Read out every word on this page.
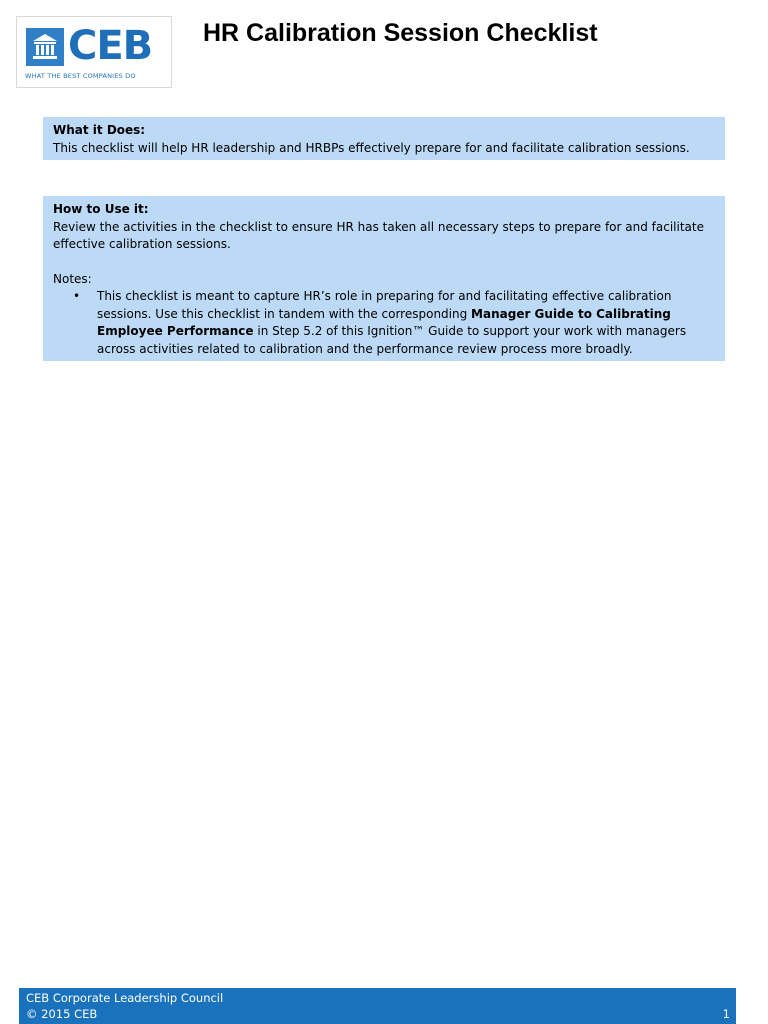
CEB
WHAT THE BEST COMPANIES DO
HR Calibration Session Checklist
What it Does:
This checklist will help HR leadership and HRBPs effectively prepare for and facilitate calibration sessions.
How to Use it:
Review the activities in the checklist to ensure HR has taken all necessary steps to prepare for and facilitate effective calibration sessions.
Notes:
•	This checklist is meant to capture HR’s role in preparing for and facilitating effective calibration sessions. Use this checklist in tandem with the corresponding Manager Guide to Calibrating Employee Performance in Step 5.2 of this Ignition™ Guide to support your work with managers across activities related to calibration and the performance review process more broadly.
CEB Corporate Leadership Council
© 2015 CEB	1
